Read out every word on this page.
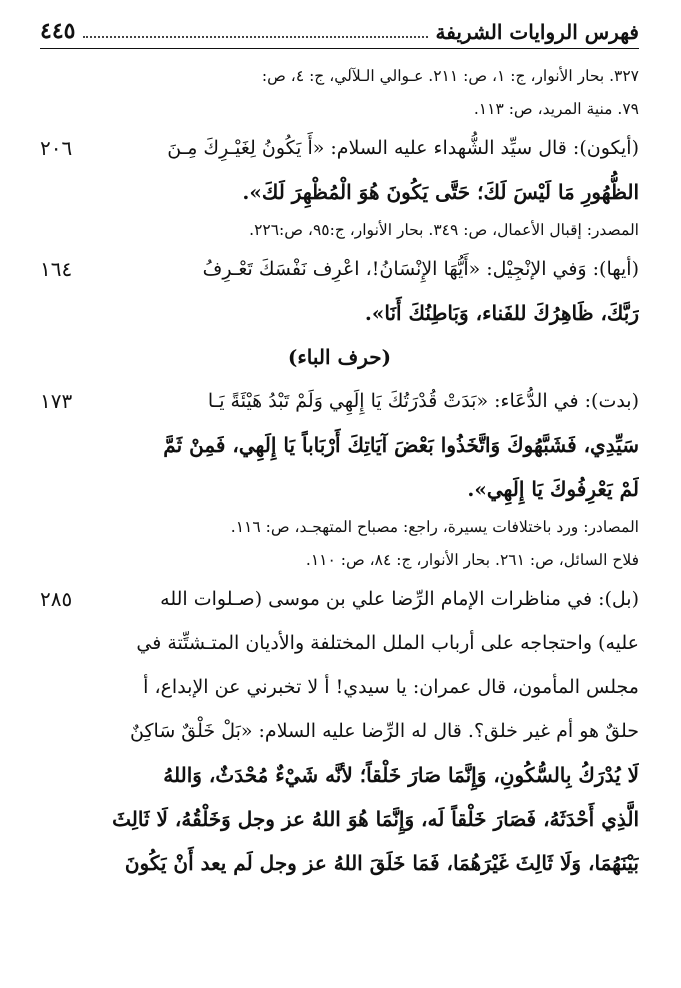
فهرس الروايات الشريفة
٤٤٥
٣٢٧. بحار الأنوار، ج: ١، ص: ٢١١. عـوالي الـلآلي، ج: ٤، ص:
٧٩. منية المريد، ص: ١١٣.
٢٠٦	(أيكون): قال سيِّد الشُّهداء عليه السلام: «أَ يَكُونُ لِغَيْـرِكَ مِـنَ
الظُّهُورِ مَا لَيْسَ لَكَ؛ حَتَّى يَكُونَ هُوَ الْمُظْهِرَ لَكَ».
المصدر: إقبال الأعمال، ص: ٣٤٩. بحار الأنوار، ج:٩٥، ص:٢٢٦.
١٦٤	(أيها): وَفي الإنْجِيْل: «أَيُّهَا الإِنْسَانُ!، اعْرِف نَفْسَكَ تَعْـرِفُ
رَبَّكَ، ظَاهِرُكَ للفَناء، وَبَاطِنُكَ أَنَا».
(حرف الباء)
١٧٣	(بدت): في الدُّعَاء: «بَدَتْ قُدْرَتُكَ يَا إِلَهِي وَلَمْ تَبْدُ هَيْئَةً يَـا
سَيِّدِي، فَشَبَّهُوكَ وَاتَّخَذُوا بَعْضَ آيَاتِكَ أَرْبَاباً يَا إِلَهِي، فَمِنْ ثَمَّ
لَمْ يَعْرِفُوكَ يَا إِلَهِي».
المصادر: ورد باختلافات يسيرة، راجع: مصباح المتهجـد، ص: ١١٦.
فلاح السائل، ص: ٢٦١. بحار الأنوار، ج: ٨٤، ص: ١١٠.
٢٨٥	(بل): في مناظرات الإمام الرِّضا علي بن موسى (صـلوات الله
عليه) واحتجاجه على أرباب الملل المختلفة والأديان المتـشتِّتة في
مجلس المأمون، قال عمران: يا سيدي! أ لا تخبرني عن الإبداع، أ
حلقٌ هو أم غير خلق؟. قال له الرِّضا عليه السلام: «بَلْ خَلْقٌ سَاكِنٌ
لَا يُدْرَكُ بِالسُّكُونِ، وَإِنَّمَا صَارَ خَلْقاً؛ لأنَّه شَيْءٌ مُحْدَثٌ، وَاللهُ
الَّذِي أَحْدَثَهُ، فَصَارَ خَلْقاً لَه، وَإِنَّمَا هُوَ اللهُ عز وجل وَخَلْقُهُ، لَا ثَالِثَ
بَيْنَهُمَا، وَلَا ثَالِثَ غَيْرَهُمَا، فَمَا خَلَقَ اللهُ عز وجل لَم يعد أَنْ يَكُونَ
